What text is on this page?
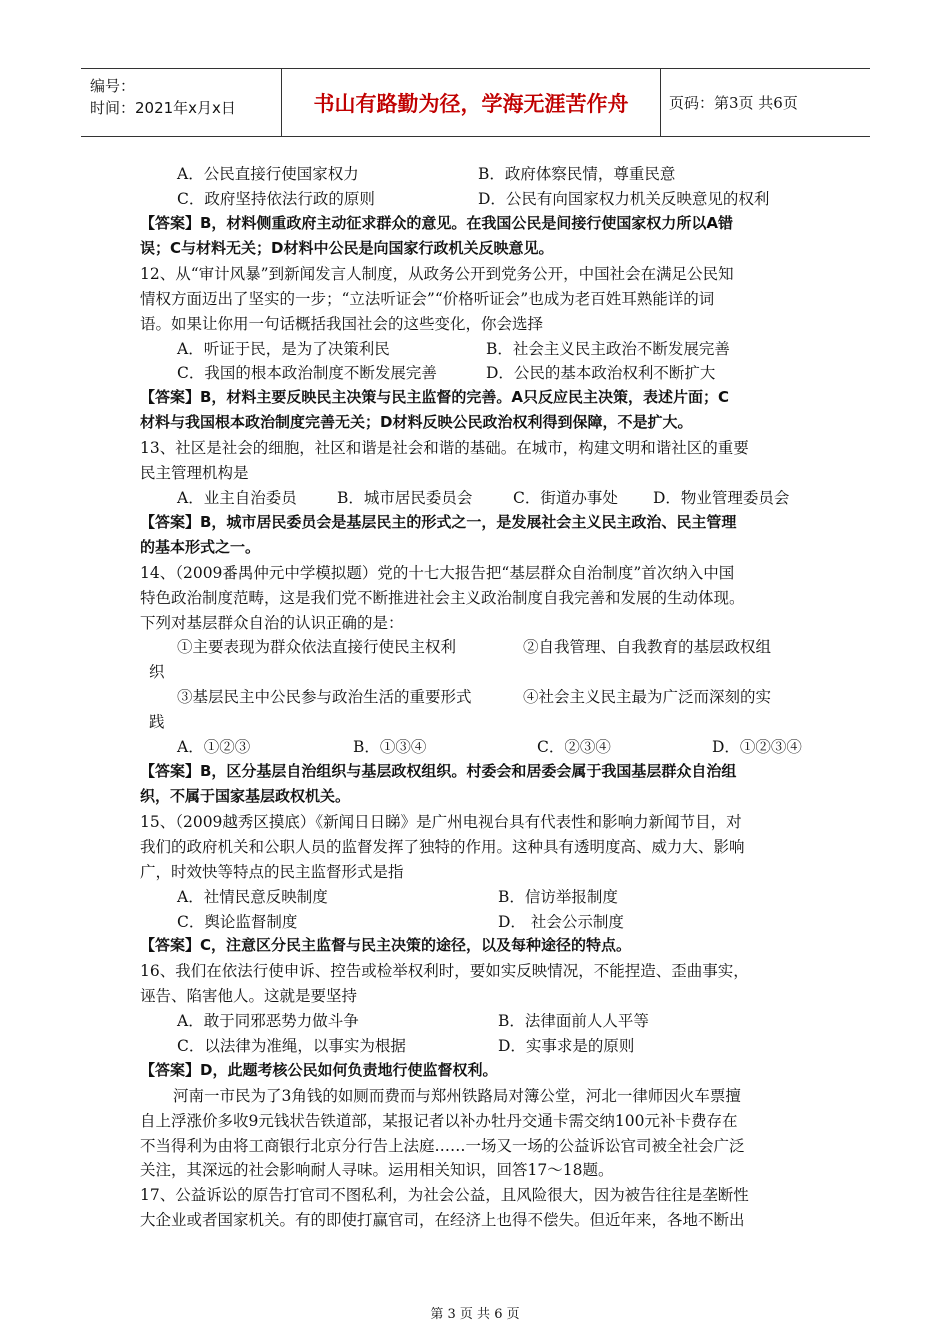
编号：
时间：2021年x月x日	书山有路勤为径，学海无涯苦作舟	页码：第3页 共6页
A．公民直接行使国家权力	B．政府体察民情，尊重民意
C．政府坚持依法行政的原则	D．公民有向国家权力机关反映意见的权利
【答案】B，材料侧重政府主动征求群众的意见。在我国公民是间接行使国家权力所以A错
误；C与材料无关；D材料中公民是向国家行政机关反映意见。
12、从“审计风暴”到新闻发言人制度，从政务公开到党务公开，中国社会在满足公民知
情权方面迈出了坚实的一步；“立法听证会”“价格听证会”也成为老百姓耳熟能详的词
语。如果让你用一句话概括我国社会的这些变化，你会选择
A．听证于民，是为了决策利民	B．社会主义民主政治不断发展完善
C．我国的根本政治制度不断发展完善	D．公民的基本政治权利不断扩大
【答案】B，材料主要反映民主决策与民主监督的完善。A只反应民主决策，表述片面；C
材料与我国根本政治制度完善无关；D材料反映公民政治权利得到保障，不是扩大。
13、社区是社会的细胞，社区和谐是社会和谐的基础。在城市，构建文明和谐社区的重要
民主管理机构是
A．业主自治委员	B．城市居民委员会	C．街道办事处 D．物业管理委员会
【答案】B，城市居民委员会是基层民主的形式之一，是发展社会主义民主政治、民主管理
的基本形式之一。
14、（2009番禺仲元中学模拟题）党的十七大报告把“基层群众自治制度”首次纳入中国
特色政治制度范畴，这是我们党不断推进社会主义政治制度自我完善和发展的生动体现。
下列对基层群众自治的认识正确的是：
①主要表现为群众依法直接行使民主权利	②自我管理、自我教育的基层政权组
织
③基层民主中公民参与政治生活的重要形式	④社会主义民主最为广泛而深刻的实
践
A．①②③	B．①③④	C．②③④	D．①②③④
【答案】B，区分基层自治组织与基层政权组织。村委会和居委会属于我国基层群众自治组
织，不属于国家基层政权机关。
15、（2009越秀区摸底）《新闻日日睇》是广州电视台具有代表性和影响力新闻节目，对
我们的政府机关和公职人员的监督发挥了独特的作用。这种具有透明度高、威力大、影响
广，时效快等特点的民主监督形式是指
A．社情民意反映制度	B．信访举报制度
C．舆论监督制度	D． 社会公示制度
【答案】C，注意区分民主监督与民主决策的途径，以及每种途径的特点。
16、我们在依法行使申诉、控告或检举权利时，要如实反映情况，不能捏造、歪曲事实，
诬告、陷害他人。这就是要坚持
A．敢于同邪恶势力做斗争	B．法律面前人人平等
C．以法律为准绳，以事实为根据	D．实事求是的原则
【答案】D，此题考核公民如何负责地行使监督权利。
河南一市民为了3角钱的如厕而费而与郑州铁路局对簿公堂，河北一律师因火车票擅
自上浮涨价多收9元钱状告铁道部，某报记者以补办牡丹交通卡需交纳100元补卡费存在
不当得利为由将工商银行北京分行告上法庭……一场又一场的公益诉讼官司被全社会广泛
关注，其深远的社会影响耐人寻味。运用相关知识，回答17～18题。
17、公益诉讼的原告打官司不图私利，为社会公益，且风险很大，因为被告往往是垄断性
大企业或者国家机关。有的即使打赢官司，在经济上也得不偿失。但近年来，各地不断出
第 3 页 共 6 页
